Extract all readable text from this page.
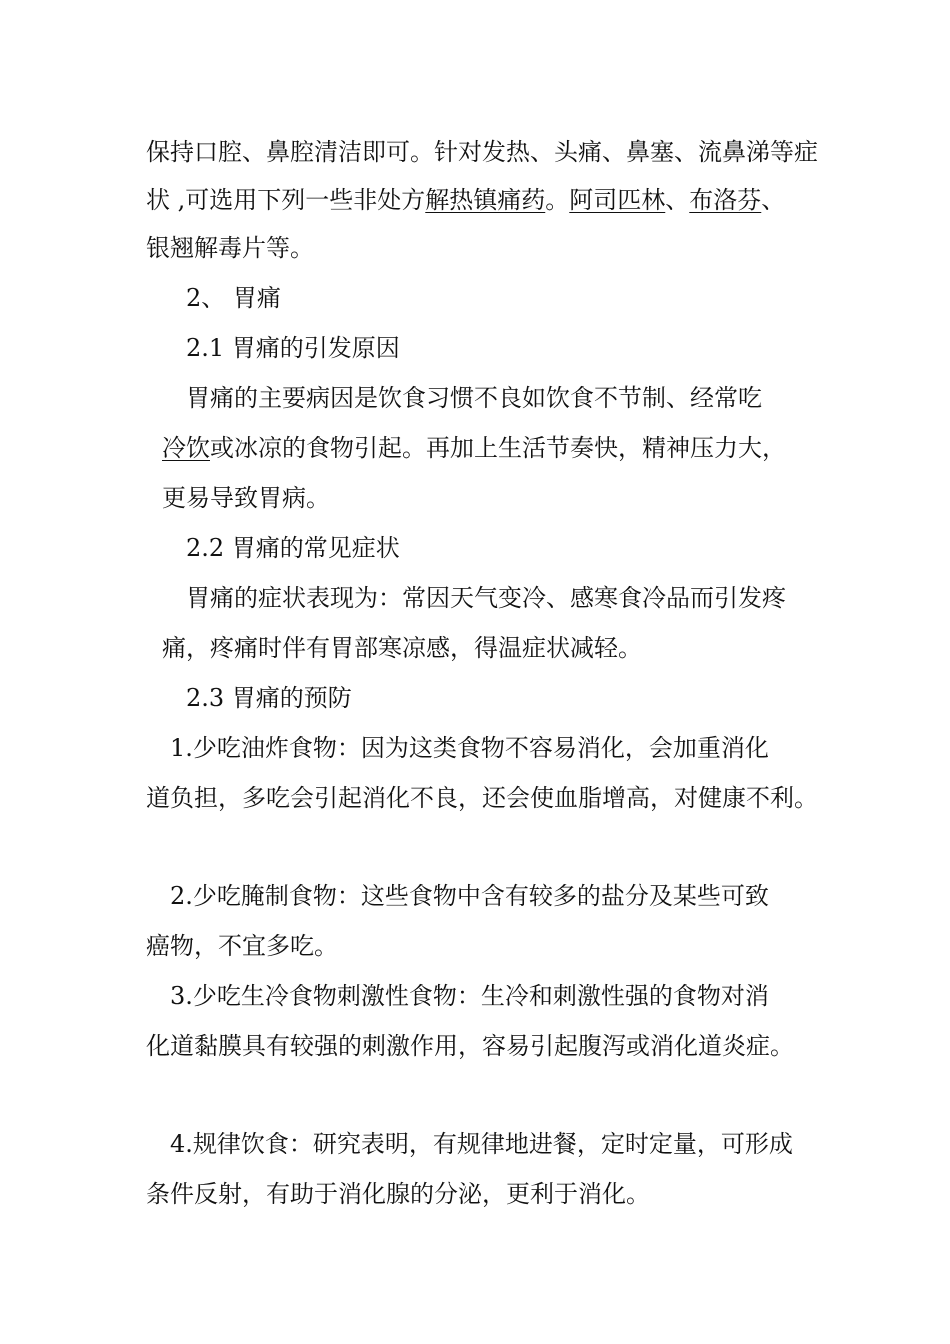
保持口腔、鼻腔清洁即可。针对发热、头痛、鼻塞、流鼻涕等症
状 ,可选用下列一些非处方解热镇痛药。阿司匹林、布洛芬、
银翘解毒片等。
2、 胃痛
2.1 胃痛的引发原因
胃痛的主要病因是饮食习惯不良如饮食不节制、经常吃
冷饮或冰凉的食物引起。再加上生活节奏快，精神压力大，
更易导致胃病。
2.2 胃痛的常见症状
胃痛的症状表现为：常因天气变冷、感寒食冷品而引发疼
痛，疼痛时伴有胃部寒凉感，得温症状减轻。
2.3 胃痛的预防
1.少吃油炸食物：因为这类食物不容易消化，会加重消化
道负担，多吃会引起消化不良，还会使血脂增高，对健康不利。
2.少吃腌制食物：这些食物中含有较多的盐分及某些可致
癌物，不宜多吃。
3.少吃生冷食物刺激性食物：生冷和刺激性强的食物对消
化道黏膜具有较强的刺激作用，容易引起腹泻或消化道炎症。
4.规律饮食：研究表明，有规律地进餐，定时定量，可形成
条件反射，有助于消化腺的分泌，更利于消化。
